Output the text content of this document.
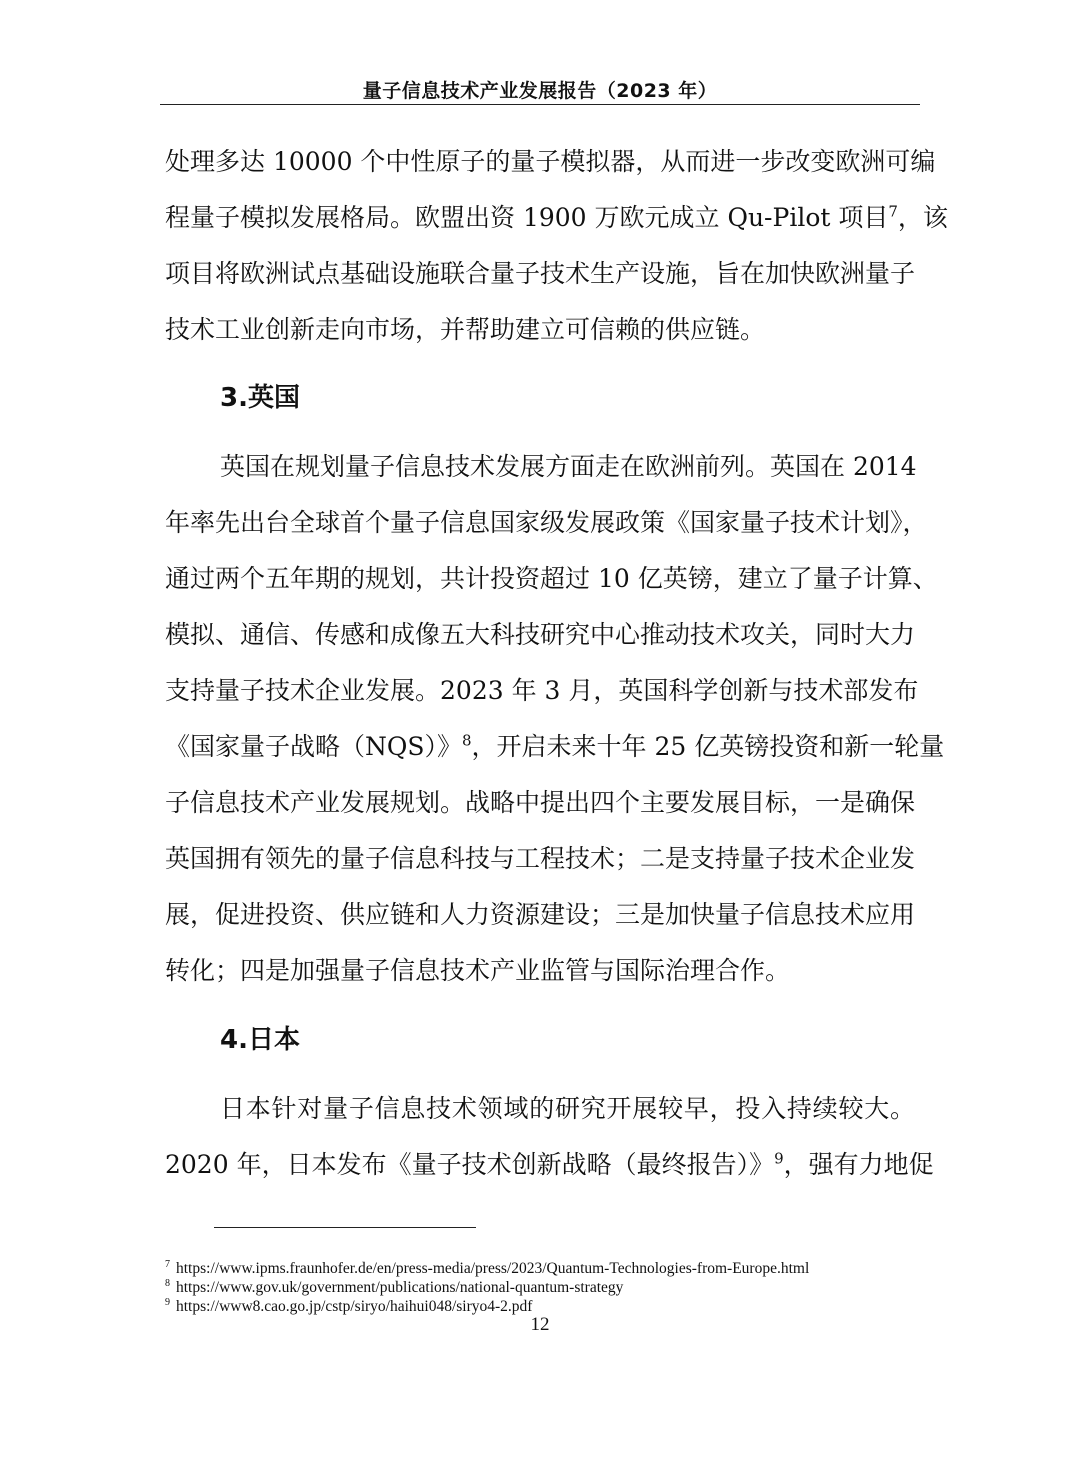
量子信息技术产业发展报告（2023 年）
处理多达 10000 个中性原子的量子模拟器，从而进一步改变欧洲可编
程量子模拟发展格局。欧盟出资 1900 万欧元成立 Qu-Pilot 项目$^7$，该
项目将欧洲试点基础设施联合量子技术生产设施，旨在加快欧洲量子
技术工业创新走向市场，并帮助建立可信赖的供应链。
3.英国
英国在规划量子信息技术发展方面走在欧洲前列。英国在 2014
年率先出台全球首个量子信息国家级发展政策《国家量子技术计划》，
通过两个五年期的规划，共计投资超过 10 亿英镑，建立了量子计算、
模拟、通信、传感和成像五大科技研究中心推动技术攻关，同时大力
支持量子技术企业发展。2023 年 3 月，英国科学创新与技术部发布
《国家量子战略（NQS）》$^8$，开启未来十年 25 亿英镑投资和新一轮量
子信息技术产业发展规划。战略中提出四个主要发展目标，一是确保
英国拥有领先的量子信息科技与工程技术；二是支持量子技术企业发
展，促进投资、供应链和人力资源建设；三是加快量子信息技术应用
转化；四是加强量子信息技术产业监管与国际治理合作。
4.日本
日本针对量子信息技术领域的研究开展较早，投入持续较大。
2020 年，日本发布《量子技术创新战略（最终报告）》$^9$，强有力地促
$^7$ https://www.ipms.fraunhofer.de/en/press-media/press/2023/Quantum-Technologies-from-Europe.html
$^8$ https://www.gov.uk/government/publications/national-quantum-strategy
$^9$ https://www8.cao.go.jp/cstp/siryo/haihui048/siryo4-2.pdf
12
